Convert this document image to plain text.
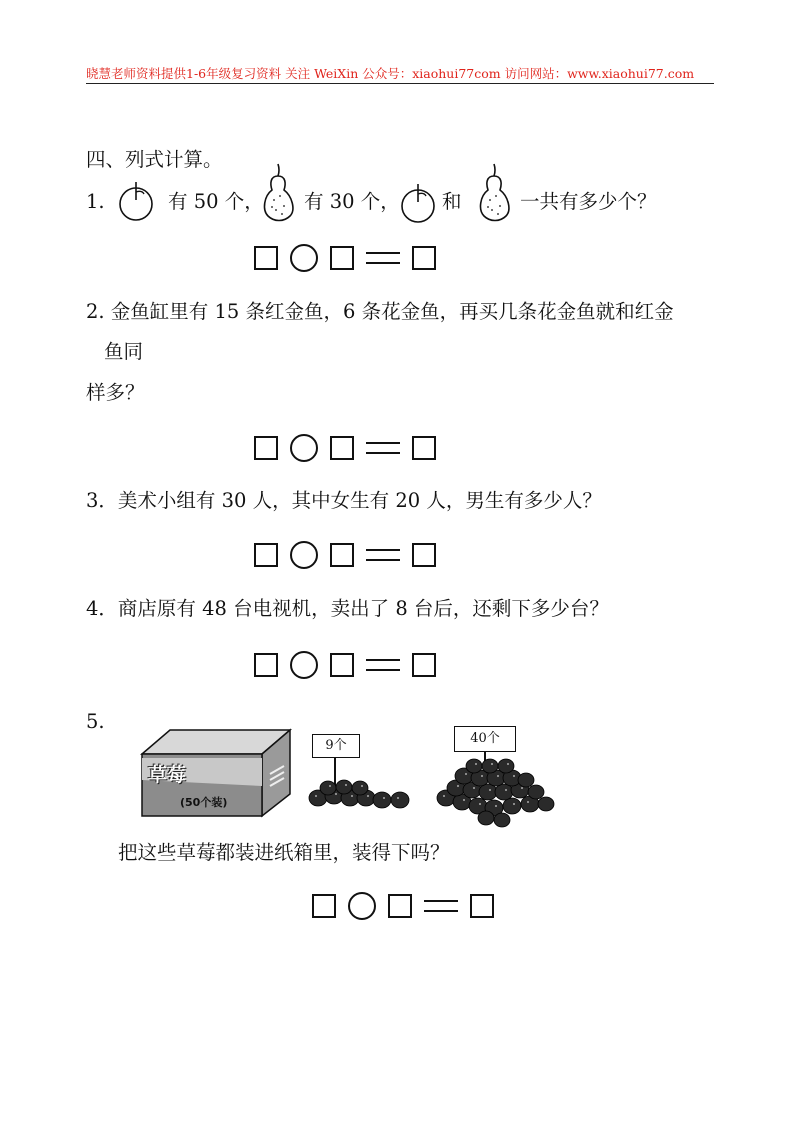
晓慧老师资料提供1-6年级复习资料 关注 WeiXin 公众号：xiaohui77com 访问网站：www.xiaohui77.com
四、列式计算。
1.	有 50 个， 有 30 个， 和	一共有多少个？
2. 金鱼缸里有 15 条红金鱼，6 条花金鱼，再买几条花金鱼就和红金
鱼同
样多？
3．美术小组有 30 人，其中女生有 20 人，男生有多少人？
4．商店原有 48 台电视机，卖出了 8 台后，还剩下多少台？
5.
草莓
(50个装)
9个	40个
把这些草莓都装进纸箱里，装得下吗？
